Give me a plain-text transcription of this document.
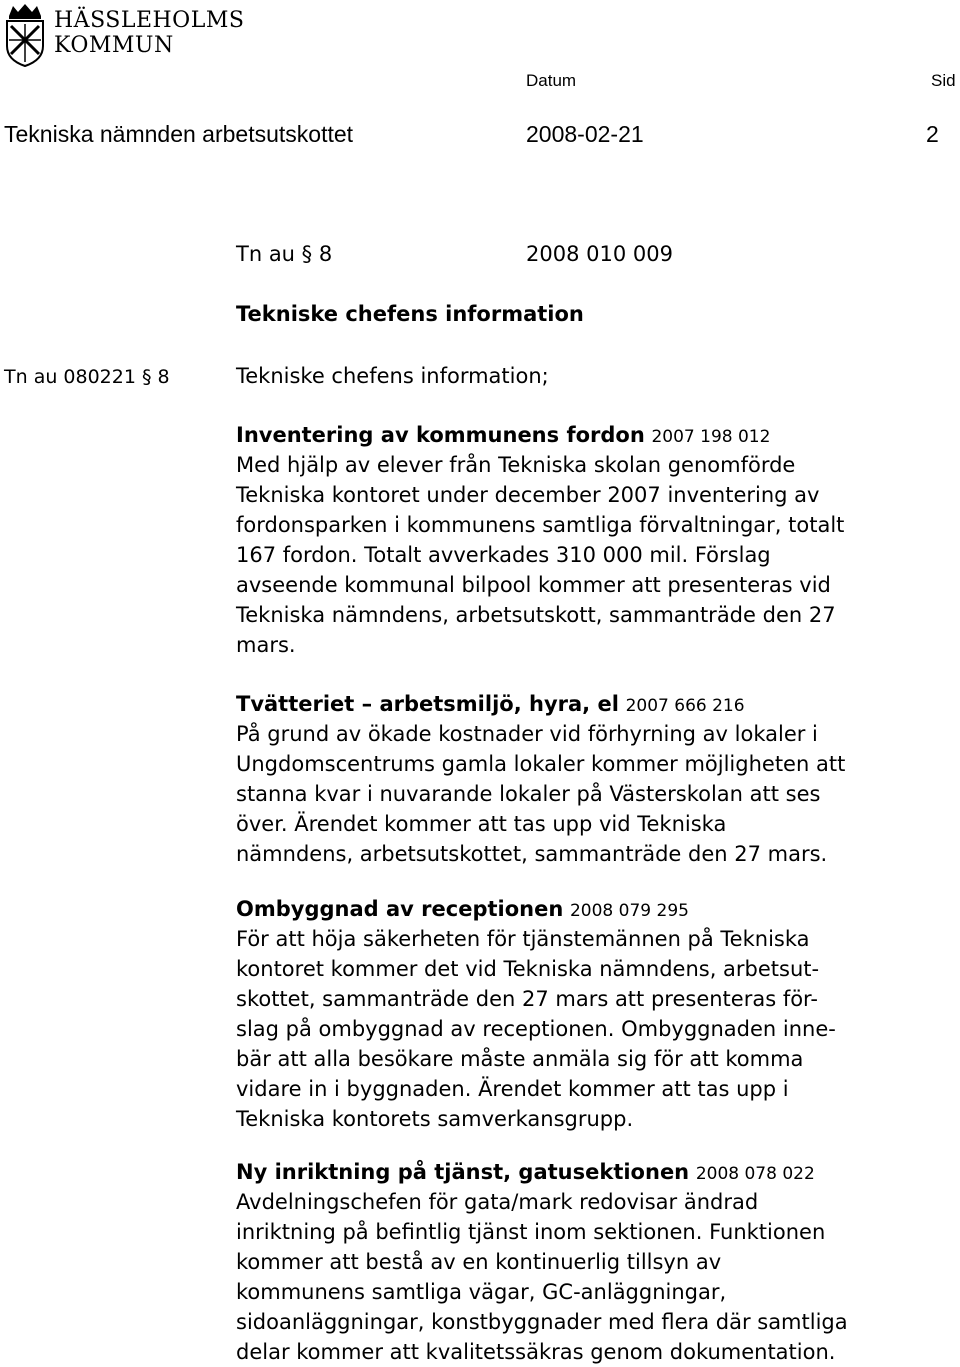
HÄSSLEHOLMS
KOMMUN
Datum	Sid
Tekniska nämnden arbetsutskottet	2008-02-21	2
Tn au § 8	2008 010 009
Tekniske chefens information
Tn au 080221 § 8	Tekniske chefens information;
Inventering av kommunens fordon 2007 198 012
Med hjälp av elever från Tekniska skolan genomförde
Tekniska kontoret under december 2007 inventering av
fordonsparken i kommunens samtliga förvaltningar, totalt
167 fordon. Totalt avverkades 310 000 mil. Förslag
avseende kommunal bilpool kommer att presenteras vid
Tekniska nämndens, arbetsutskott, sammanträde den 27
mars.
Tvätteriet – arbetsmiljö, hyra, el 2007 666 216
På grund av ökade kostnader vid förhyrning av lokaler i
Ungdomscentrums gamla lokaler kommer möjligheten att
stanna kvar i nuvarande lokaler på Västerskolan att ses
över. Ärendet kommer att tas upp vid Tekniska
nämndens, arbetsutskottet, sammanträde den 27 mars.
Ombyggnad av receptionen 2008 079 295
För att höja säkerheten för tjänstemännen på Tekniska
kontoret kommer det vid Tekniska nämndens, arbetsut-
skottet, sammanträde den 27 mars att presenteras för-
slag på ombyggnad av receptionen. Ombyggnaden inne-
bär att alla besökare måste anmäla sig för att komma
vidare in i byggnaden. Ärendet kommer att tas upp i
Tekniska kontorets samverkansgrupp.
Ny inriktning på tjänst, gatusektionen 2008 078 022
Avdelningschefen för gata/mark redovisar ändrad
inriktning på befintlig tjänst inom sektionen. Funktionen
kommer att bestå av en kontinuerlig tillsyn av
kommunens samtliga vägar, GC-anläggningar,
sidoanläggningar, konstbyggnader med flera där samtliga
delar kommer att kvalitetssäkras genom dokumentation.
